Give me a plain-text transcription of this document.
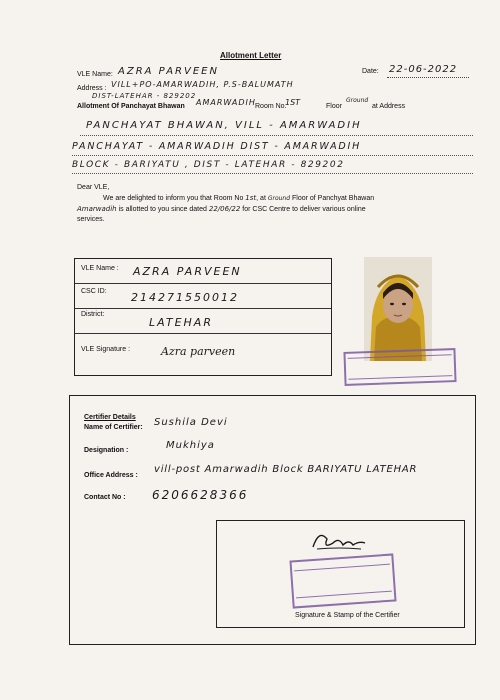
Allotment Letter
VLE Name: AZRA PARVEEN	Date: 22-06-2022
Address : VILL+PO-AMARWADIH, P.S-BALUMATH
DIST-LATEHAR - 829202
Allotment Of Panchayat Bhawan AMARWADIH Room No.
1ST	Floor
Ground
at Address
PANCHAYAT BHAWAN, VILL - AMARWADIH
PANCHAYAT - AMARWADIH DIST - AMARWADIH
BLOCK - BARIYATU , DIST - LATEHAR - 829202
Dear VLE,
We are delighted to inform you that Room No 1st, at Ground Floor of Panchyat Bhawan
Amarwadih is allotted to you since dated 22/06/22 for CSC Centre to deliver various online
services.
VLE Name : AZRA PARVEEN
CSC ID: 214271550012
District:
LATEHAR
VLE Signature :	Azra parveen
Certifier Details
Name of Certifier: Sushila Devi
Designation :	Mukhiya
Office Address :
vill-post Amarwadih Block BARIYATU LATEHAR
Contact No : 6206628366
Signature & Stamp of the Certifier
